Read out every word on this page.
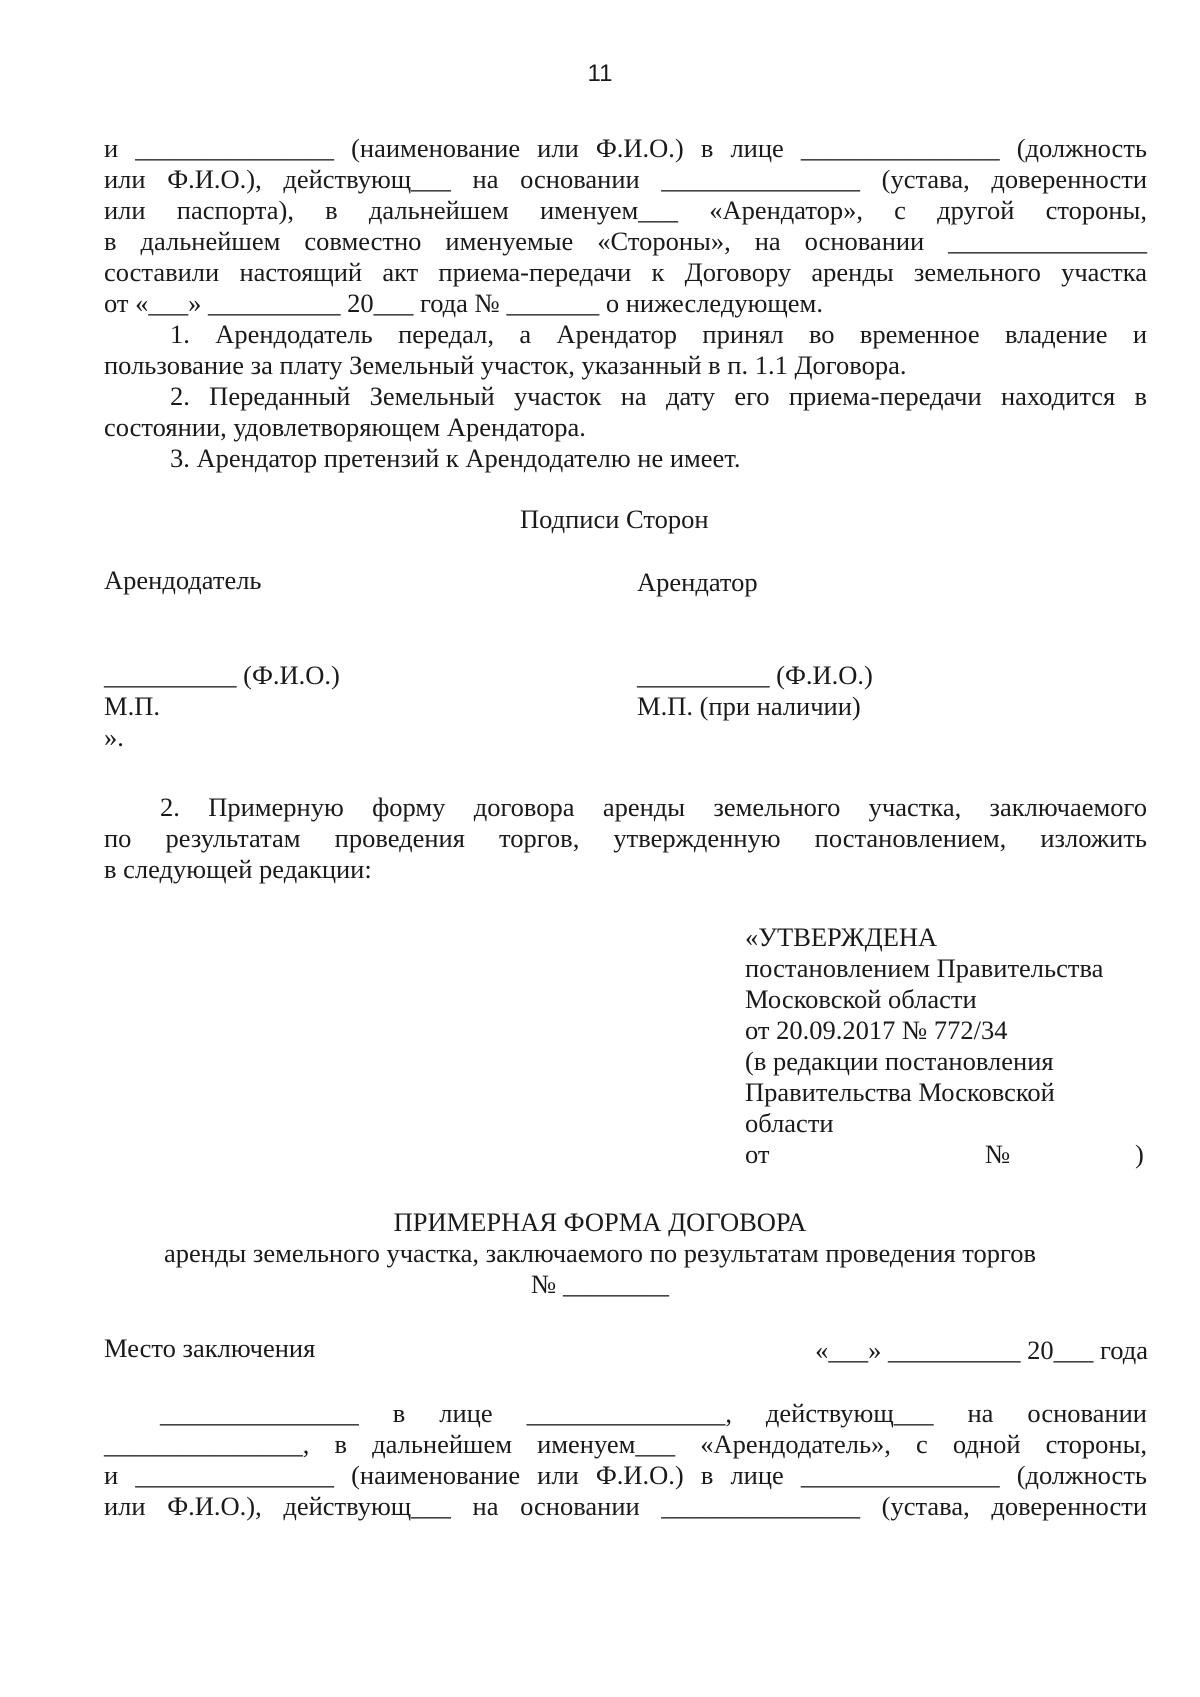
11
и _______________ (наименование или Ф.И.О.) в лице _______________ (должность
или Ф.И.О.), действующ___ на основании _______________ (устава, доверенности
или паспорта), в дальнейшем именуем___ «Арендатор», с другой стороны,
в дальнейшем совместно именуемые «Стороны», на основании _______________
составили настоящий акт приема-передачи к Договору аренды земельного участка
от «___» __________ 20___ года № _______ о нижеследующем.
1. Арендодатель передал, а Арендатор принял во временное владение и
пользование за плату Земельный участок, указанный в п. 1.1 Договора.
2. Переданный Земельный участок на дату его приема-передачи находится в
состоянии, удовлетворяющем Арендатора.
3. Арендатор претензий к Арендодателю не имеет.
Подписи Сторон
Арендодатель	Арендатор
__________ (Ф.И.О.)	__________ (Ф.И.О.)
М.П.	М.П. (при наличии)
».
2. Примерную форму договора аренды земельного участка, заключаемого
по результатам проведения торгов, утвержденную постановлением, изложить
в следующей редакции:
«УТВЕРЖДЕНА
постановлением Правительства
Московской области
от 20.09.2017 № 772/34
(в редакции постановления
Правительства Московской
области
от	№	)
ПРИМЕРНАЯ ФОРМА ДОГОВОРА
аренды земельного участка, заключаемого по результатам проведения торгов
№ ________
Место заключения	«___» __________ 20___ года
_______________ в лице _______________, действующ___ на основании
_______________, в дальнейшем именуем___ «Арендодатель», с одной стороны,
и _______________ (наименование или Ф.И.О.) в лице _______________ (должность
или Ф.И.О.), действующ___ на основании _______________ (устава, доверенности
